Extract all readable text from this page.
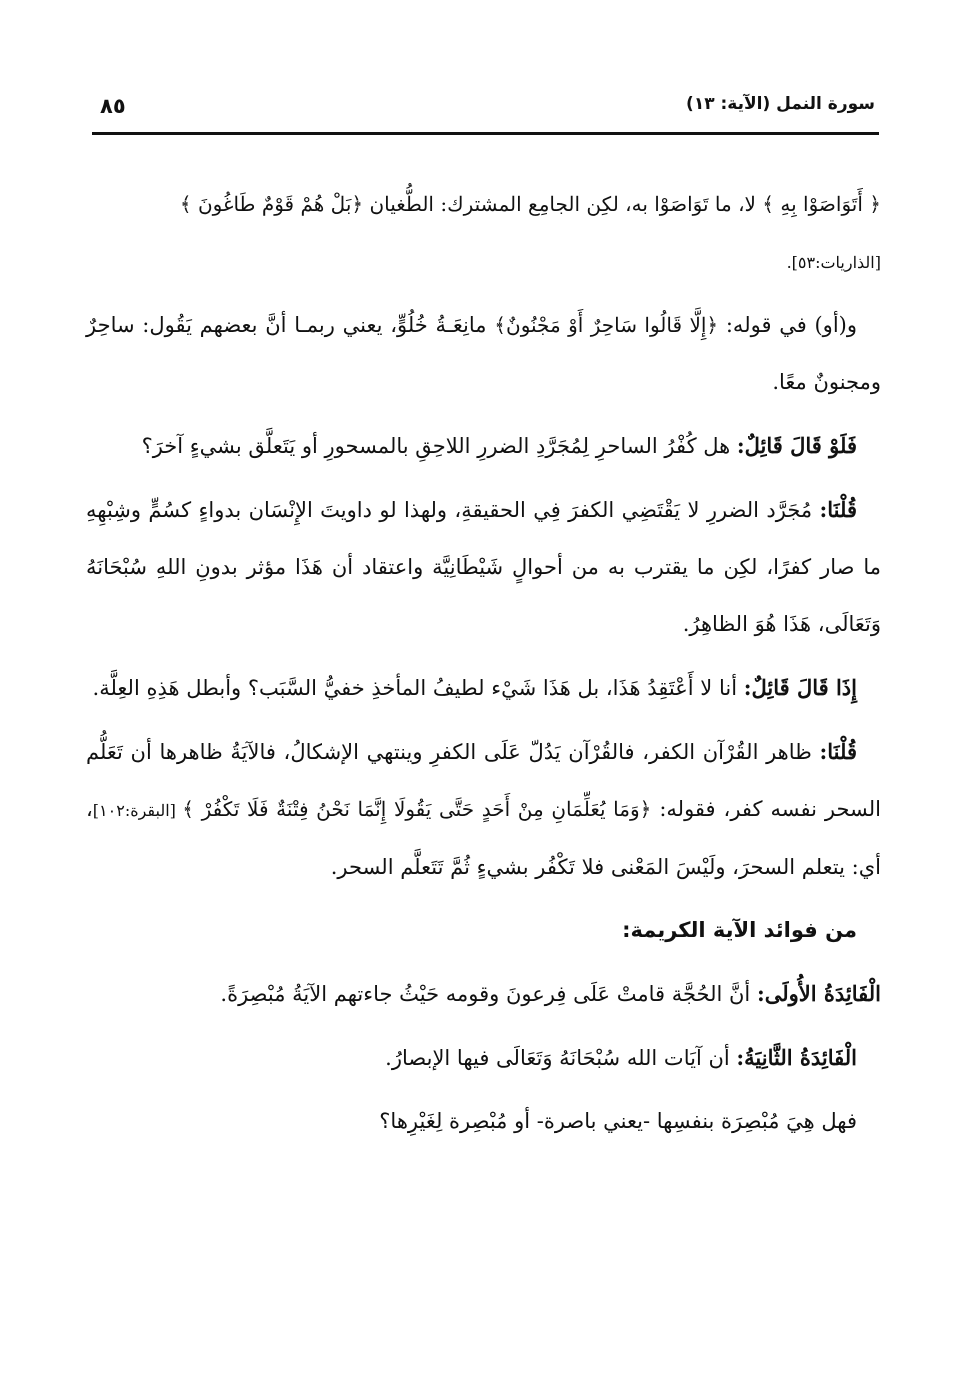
٨٥	سورة النمل (الآية: ١٣)

﴿ أَتَوَاصَوْا بِهِ ﴾ لا، ما تَوَاصَوْا به، لكِن الجامِع المشترك: الطُّغيان ﴿بَلْ هُمْ قَوْمٌ طَاغُونَ ﴾
[الذاريات:٥٣].

و(أو) في قوله: ﴿إِلَّا قَالُوا سَاحِرٌ أَوْ مَجْنُونٌ﴾ مانِعَـةُ خُلُوٍّ، يعني ربمـا أنَّ بعضهم يَقُول: ساحِرٌ ومجنونٌ معًا.

فَلَوْ قَالَ قَائِلٌ: هل كُفْرُ الساحرِ لِمُجَرَّدِ الضررِ اللاحِقِ بالمسحورِ أو يَتَعلَّق بشيءٍ آخرَ؟

قُلْنَا: مُجَرَّد الضررِ لا يَقْتَضِي الكفرَ فِي الحقيقةِ، ولهذا لو داويتَ الإِنْسَان بدواءٍ كسُمٍّ وشِبْهِهِ ما صار كفرًا، لكِن ما يقترب به من أحوالٍ شَيْطَانِيَّة واعتقاد أن هَذَا مؤثر بدونِ اللهِ سُبْحَانَهُ وَتَعَالَى، هَذَا هُوَ الظاهِرُ.

إِذَا قَالَ قَائِلٌ: أنا لا أَعْتَقِدُ هَذَا، بل هَذَا شَيْء لطيفُ المأخذِ خفيُّ السَّبَب؟ وأبطل هَذِهِ العِلَّة.

قُلْنَا: ظاهر القُرْآن الكفر، فالقُرْآن يَدُلّ عَلَى الكفرِ وينتهي الإشكالُ، فالآيَةُ ظاهرها أن تَعَلُّم السحر نفسه كفر، فقوله: ﴿وَمَا يُعَلِّمَانِ مِنْ أَحَدٍ حَتَّى يَقُولَا إِنَّمَا نَحْنُ فِتْنَةٌ فَلَا تَكْفُرْ ﴾ [البقرة:١٠٢]، أي: يتعلم السحرَ، ولَيْسَ المَعْنى فلا تَكْفُر بشيءٍ ثُمَّ تَتَعلَّم السحر.

من فوائد الآية الكريمة:

الْفَائِدَةُ الأُولَى: أنَّ الحُجَّة قامتْ عَلَى فِرعونَ وقومه حَيْثُ جاءتهم الآيَةُ مُبْصِرَةً.

الْفَائِدَةُ الثَّانِيَةُ: أن آيَات الله سُبْحَانَهُ وَتَعَالَى فيها الإبصارُ.

فهل هِيَ مُبْصِرَة بنفسِها -يعني باصرة- أو مُبْصِرة لِغَيْرِها؟
